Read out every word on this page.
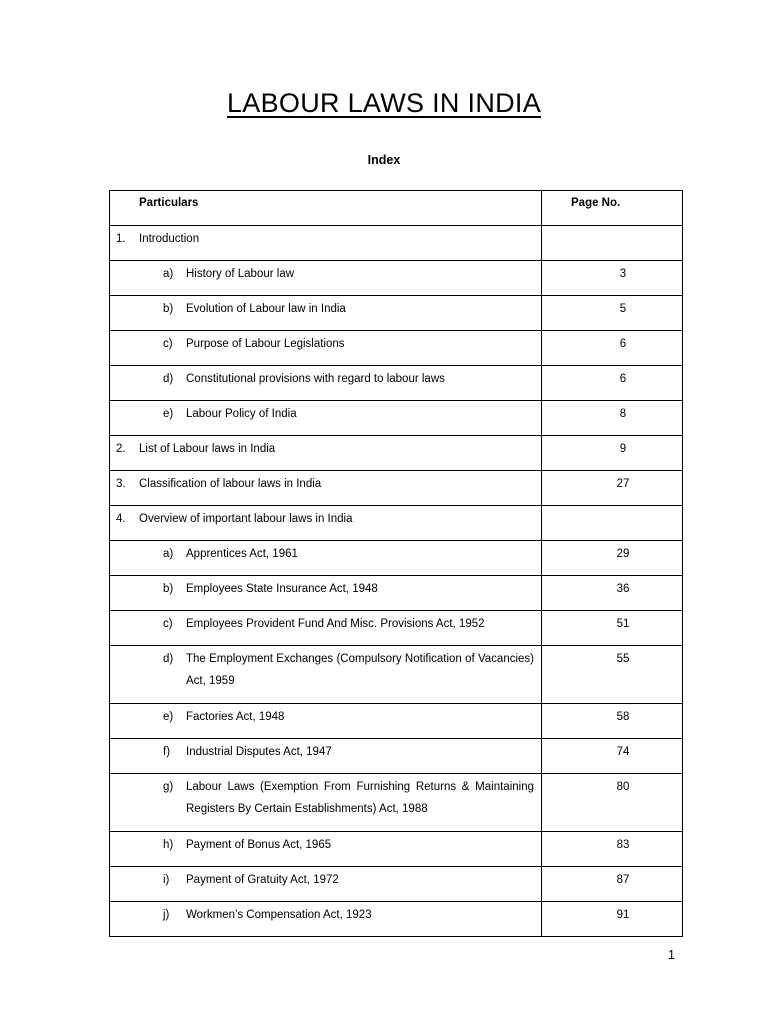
LABOUR LAWS IN INDIA
Index
Particulars	Page No.

1. Introduction	

a) History of Labour law	3

b) Evolution of Labour law in India	5

c) Purpose of Labour Legislations	6

d) Constitutional provisions with regard to labour laws	6

e) Labour Policy of India	8

2. List of Labour laws in India	9

3. Classification of labour laws in India	27

4. Overview of important labour laws in India	

a) Apprentices Act, 1961	29

b) Employees State Insurance Act, 1948	36

c) Employees Provident Fund And Misc. Provisions Act, 1952	51

d) The Employment Exchanges (Compulsory Notification of Vacancies) Act, 1959	55

e) Factories Act, 1948	58

f) Industrial Disputes Act, 1947	74

g) Labour Laws (Exemption From Furnishing Returns & Maintaining Registers By Certain Establishments) Act, 1988	80

h) Payment of Bonus Act, 1965	83

i) Payment of Gratuity Act, 1972	87

j) Workmen’s Compensation Act, 1923	91
1
